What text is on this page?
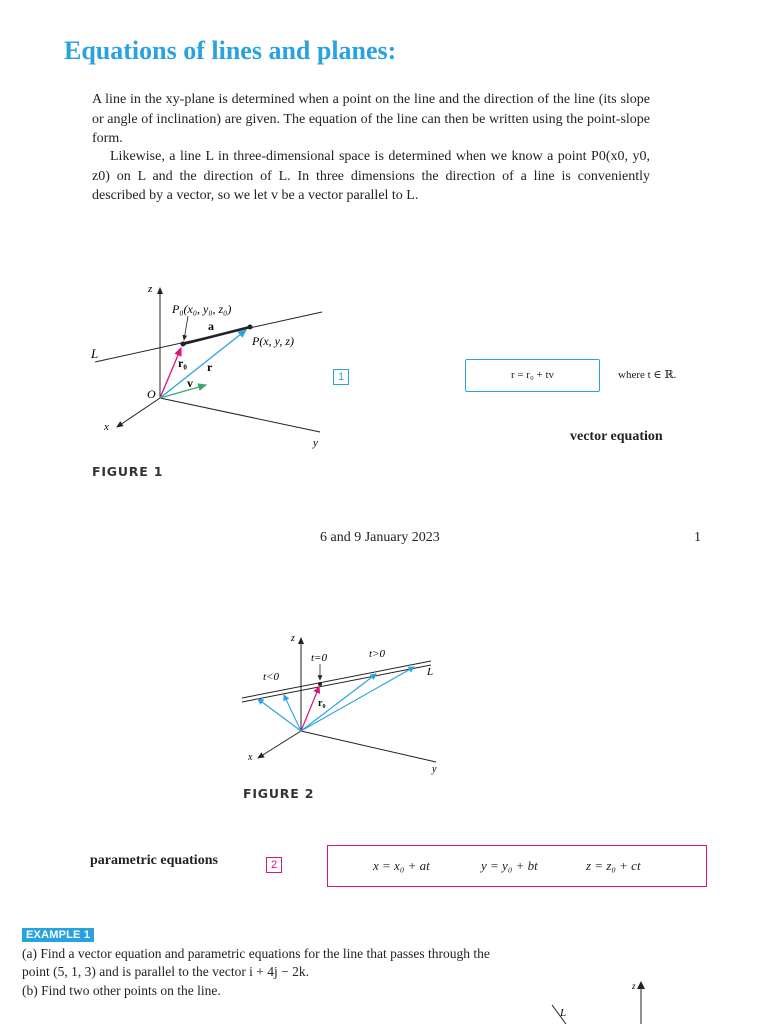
Equations of lines and planes:
A line in the xy-plane is determined when a point on the line and the direction of the line (its slope or angle of inclination) are given. The equation of the line can then be written using the point-slope form.
Likewise, a line L in three-dimensional space is determined when we know a point P0(x0, y0, z0) on L and the direction of L. In three dimensions the direction of a line is conveniently described by a vector, so we let v be a vector parallel to L.
z
x
y
O
L
P₀(x₀, y₀, z₀)
P(x, y, z)
a
r₀ r
v
FIGURE 1
1	r = r₀ + tv	where t ∈ ℝ.
vector equation
6 and 9 January 2023	1
z
x
y
L
t=0	t>0
t<0
r₀
FIGURE 2
parametric equations	2	x = x₀ + at	y = y₀ + bt	z = z₀ + ct
EXAMPLE 1
(a) Find a vector equation and parametric equations for the line that passes through the
point (5, 1, 3) and is parallel to the vector i + 4j − 2k.
(b) Find two other points on the line.	z
L
